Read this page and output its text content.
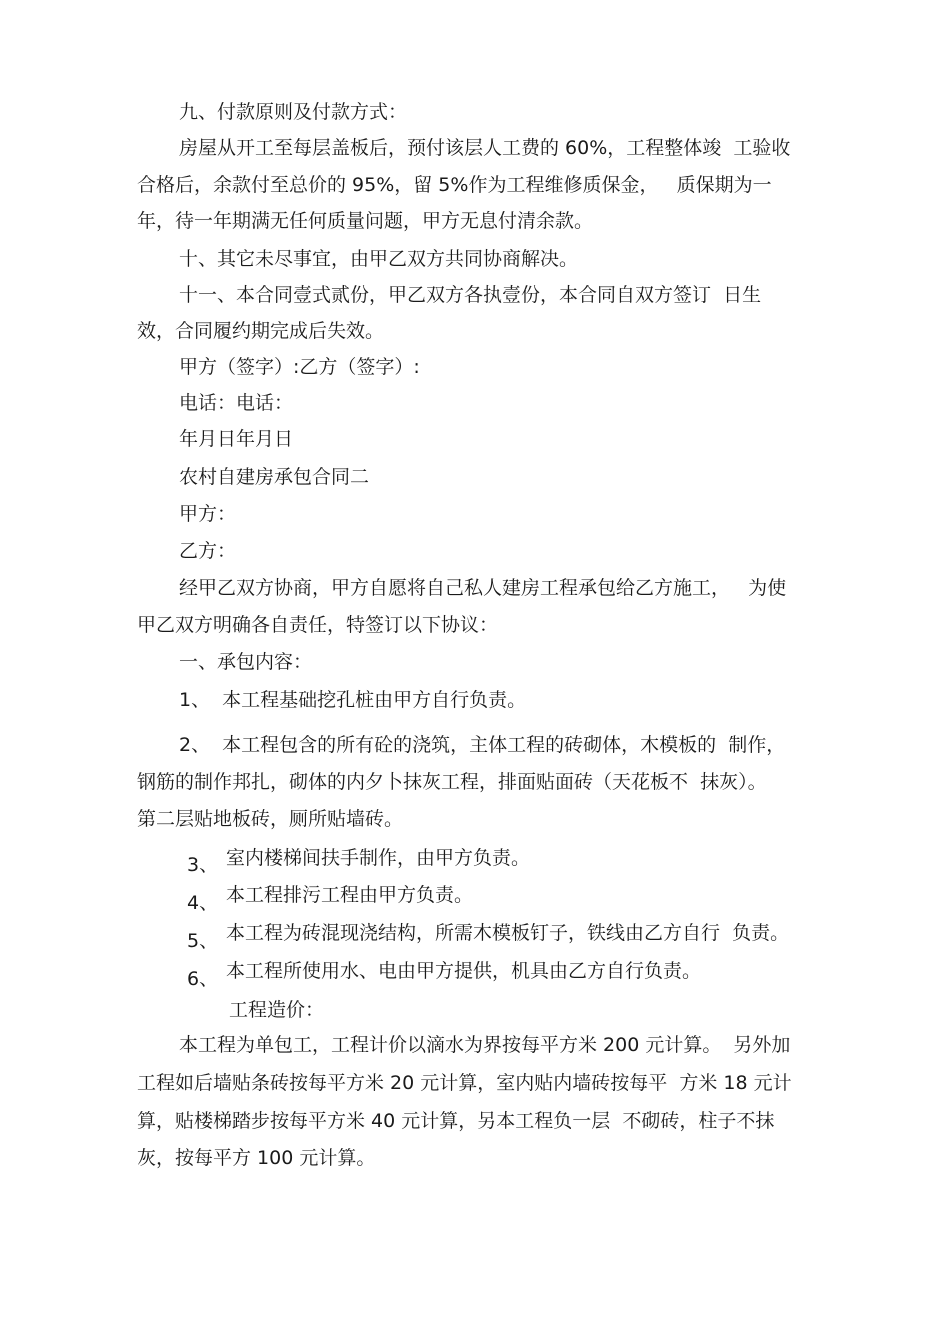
九、付款原则及付款方式：
房屋从开工至每层盖板后，预付该层人工费的 60%，工程整体竣  工验收
合格后，余款付至总价的 95%，留 5%作为工程维修质保金，   质保期为一
年，待一年期满无任何质量问题，甲方无息付清余款。
十、其它未尽事宜，由甲乙双方共同协商解决。
十一、本合同壹式贰份，甲乙双方各执壹份，本合同自双方签订  日生
效，合同履约期完成后失效。
甲方（签字）:乙方（签字）:
电话：电话：
年月日年月日
农村自建房承包合同二
甲方：
乙方：
经甲乙双方协商，甲方自愿将自己私人建房工程承包给乙方施工，   为使
甲乙双方明确各自责任，特签订以下协议：
一、承包内容：
1、  本工程基础挖孔桩由甲方自行负责。
2、  本工程包含的所有砼的浇筑，主体工程的砖砌体，木模板的  制作，
钢筋的制作邦扎，砌体的内夕卜抹灰工程，排面贴面砖（天花板不  抹灰）。
第二层贴地板砖，厕所贴墙砖。
3、 室内楼梯间扶手制作，由甲方负责。
4、 本工程排污工程由甲方负责。
5、 本工程为砖混现浇结构，所需木模板钉子，铁线由乙方自行  负责。
6、 本工程所使用水、电由甲方提供，机具由乙方自行负责。
工程造价：
本工程为单包工，工程计价以滴水为界按每平方米 200 元计算。  另外加
工程如后墙贴条砖按每平方米 20 元计算，室内贴内墙砖按每平  方米 18 元计
算，贴楼梯踏步按每平方米 40 元计算，另本工程负一层  不砌砖，柱子不抹
灰，按每平方 100 元计算。
